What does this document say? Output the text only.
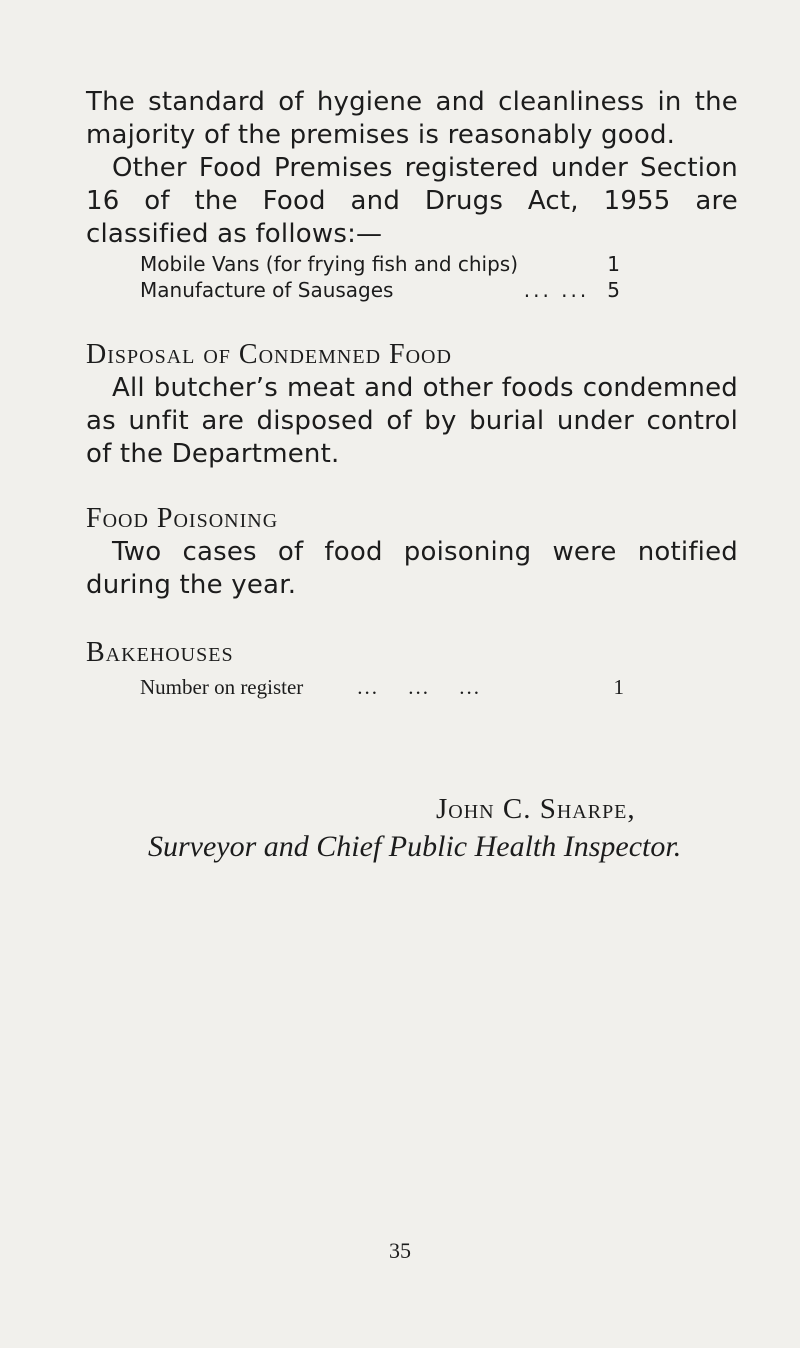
The standard of hygiene and cleanliness in the majority of the premises is reasonably good.

Other Food Premises registered under Section 16 of the Food and Drugs Act, 1955 are classified as follows:—

Mobile Vans (for frying fish and chips)	1
Manufacture of Sausages	... ... 5
Disposal of Condemned Food

All butcher’s meat and other foods condemned as unfit are disposed of by burial under control of the Department.

Food Poisoning

Two cases of food poisoning were notified during the year.

Bakehouses
Number on register	... ... ...	1
John C. Sharpe,
Surveyor and Chief Public Health Inspector.
35
